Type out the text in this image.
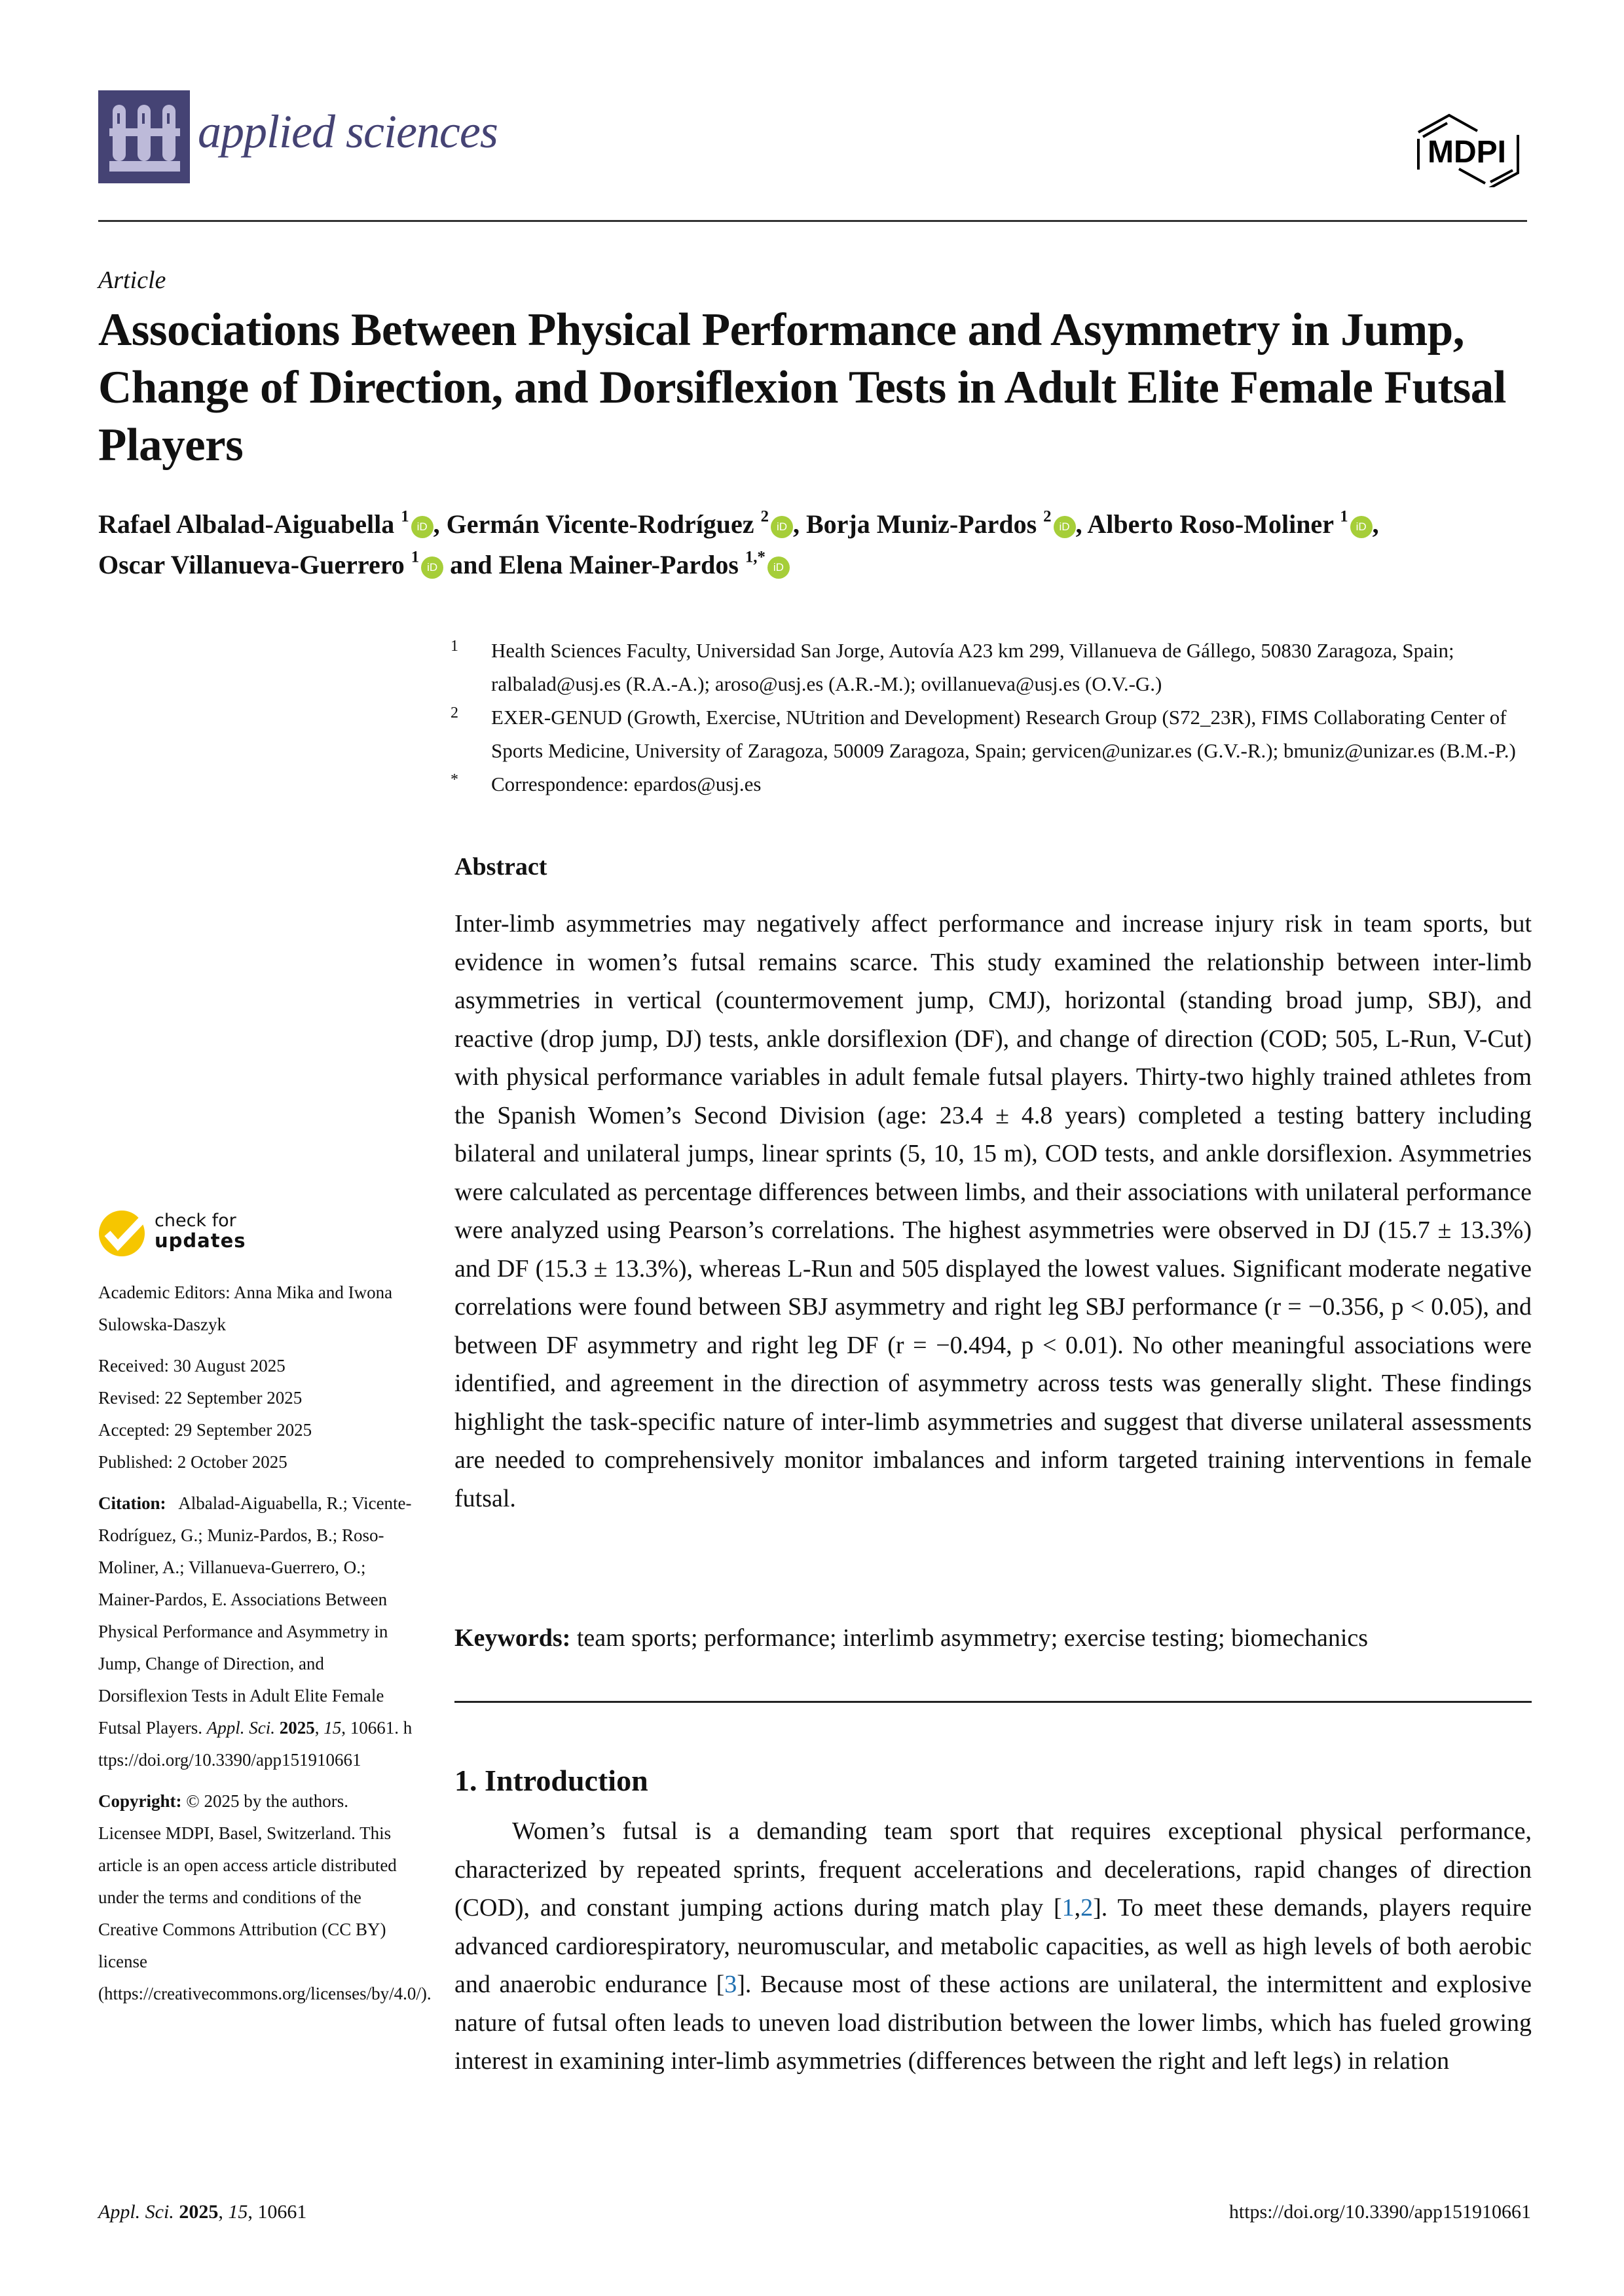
applied sciences	MDPI
Article
Associations Between Physical Performance and Asymmetry in Jump, Change of Direction, and Dorsiflexion Tests in Adult Elite Female Futsal Players
Rafael Albalad-Aiguabella $^1$iD , Germán Vicente-Rodríguez $^2$iD , Borja Muniz-Pardos $^2$iD , Alberto Roso-Moliner $^1$iD ,
Oscar Villanueva-Guerrero $^1$iD and Elena Mainer-Pardos $^{1,*}$iD
1 Health Sciences Faculty, Universidad San Jorge, Autovía A23 km 299, Villanueva de Gállego, 50830 Zaragoza, Spain; ralbalad@usj.es (R.A.-A.); aroso@usj.es (A.R.-M.); ovillanueva@usj.es (O.V.-G.)
2 EXER-GENUD (Growth, Exercise, NUtrition and Development) Research Group (S72_23R), FIMS Collaborating Center of Sports Medicine, University of Zaragoza, 50009 Zaragoza, Spain; gervicen@unizar.es (G.V.-R.); bmuniz@unizar.es (B.M.-P.)
* Correspondence: epardos@usj.es
Abstract
Inter-limb asymmetries may negatively affect performance and increase injury risk in team sports, but evidence in women’s futsal remains scarce. This study examined the relationship between inter-limb asymmetries in vertical (countermovement jump, CMJ), horizontal (standing broad jump, SBJ), and reactive (drop jump, DJ) tests, ankle dorsiflexion (DF), and change of direction (COD; 505, L-Run, V-Cut) with physical performance variables in adult female futsal players. Thirty-two highly trained athletes from the Spanish Women’s Second Division (age: 23.4 ± 4.8 years) completed a testing battery including bilateral and unilateral jumps, linear sprints (5, 10, 15 m), COD tests, and ankle dorsiflexion. Asymmetries were calculated as percentage differences between limbs, and their associations with unilateral performance were analyzed using Pearson’s correlations. The highest asymmetries were observed in DJ (15.7 ± 13.3%) and DF (15.3 ± 13.3%), whereas L-Run and 505 displayed the lowest values. Significant moderate negative correlations were found between SBJ asymmetry and right leg SBJ performance (r = −0.356, p < 0.05), and between DF asymmetry and right leg DF (r = −0.494, p < 0.01). No other meaningful associations were identified, and agreement in the direction of asymmetry across tests was generally slight. These findings highlight the task-specific nature of inter-limb asymmetries and suggest that diverse unilateral assessments are needed to comprehensively monitor imbalances and inform targeted training interventions in female futsal.
Keywords: team sports; performance; interlimb asymmetry; exercise testing; biomechanics
1. Introduction
Women’s futsal is a demanding team sport that requires exceptional physical performance, characterized by repeated sprints, frequent accelerations and decelerations, rapid changes of direction (COD), and constant jumping actions during match play [1,2]. To meet these demands, players require advanced cardiorespiratory, neuromuscular, and metabolic capacities, as well as high levels of both aerobic and anaerobic endurance [3]. Because most of these actions are unilateral, the intermittent and explosive nature of futsal often leads to uneven load distribution between the lower limbs, which has fueled growing interest in examining inter-limb asymmetries (differences between the right and left legs) in relation
check for
updates
Academic Editors: Anna Mika and Iwona Sulowska-Daszyk
Received: 30 August 2025
Revised: 22 September 2025
Accepted: 29 September 2025
Published: 2 October 2025
Citation: Albalad-Aiguabella, R.; Vicente-Rodríguez, G.; Muniz-Pardos, B.; Roso-Moliner, A.; Villanueva-Guerrero, O.; Mainer-Pardos, E. Associations Between Physical Performance and Asymmetry in Jump, Change of Direction, and Dorsiflexion Tests in Adult Elite Female Futsal Players. Appl. Sci. 2025, 15, 10661. https://doi.org/10.3390/app151910661
Copyright: © 2025 by the authors. Licensee MDPI, Basel, Switzerland. This article is an open access article distributed under the terms and conditions of the Creative Commons Attribution (CC BY) license (https://creativecommons.org/licenses/by/4.0/).
Appl. Sci. 2025, 15, 10661	https://doi.org/10.3390/app151910661
